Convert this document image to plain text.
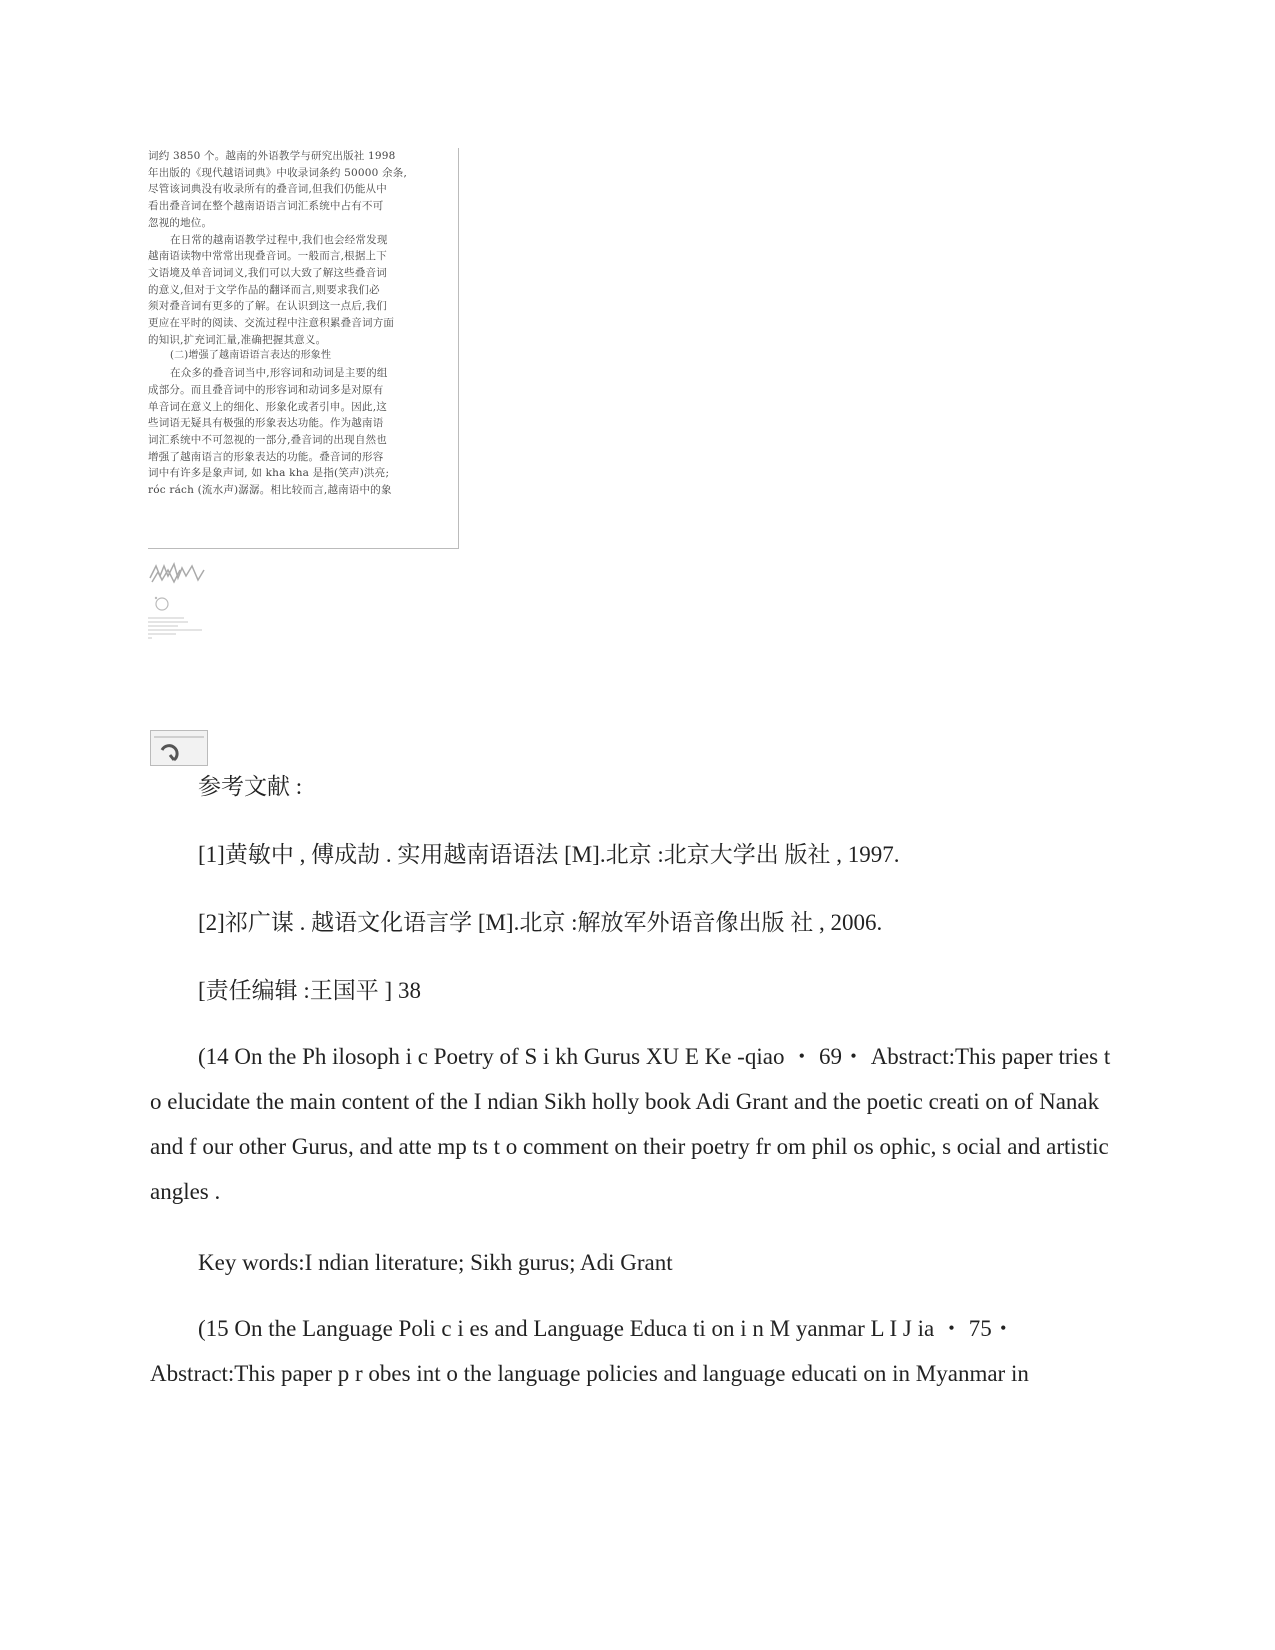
词约 3850 个。越南的外语教学与研究出版社 1998
年出版的《现代越语词典》中收录词条约 50000 余条,
尽管该词典没有收录所有的叠音词,但我们仍能从中
看出叠音词在整个越南语语言词汇系统中占有不可
忽视的地位。
在日常的越南语教学过程中,我们也会经常发现
越南语读物中常常出现叠音词。一般而言,根据上下
文语境及单音词词义,我们可以大致了解这些叠音词
的意义,但对于文学作品的翻译而言,则要求我们必
须对叠音词有更多的了解。在认识到这一点后,我们
更应在平时的阅读、交流过程中注意积累叠音词方面
的知识,扩充词汇量,准确把握其意义。
(二)增强了越南语语言表达的形象性
在众多的叠音词当中,形容词和动词是主要的组
成部分。而且叠音词中的形容词和动词多是对原有
单音词在意义上的细化、形象化或者引申。因此,这
些词语无疑具有极强的形象表达功能。作为越南语
词汇系统中不可忽视的一部分,叠音词的出现自然也
增强了越南语言的形象表达的功能。叠音词的形容
词中有许多是象声词, 如 kha kha 是指(笑声)洪亮;
róc rách (流水声)潺潺。相比较而言,越南语中的象

参考文献 :

[1]黄敏中 , 傅成劼 . 实用越南语语法 [M].北京 :北京大学出 版社 , 1997.

[2]祁广谋 . 越语文化语言学 [M].北京 :解放军外语音像出版 社 , 2006.

[责任编辑 :王国平 ] 38

(14 On the Ph ilosoph i c Poetry of S i kh Gurus XU E Ke -qiao ・ 69・ Abstract:This paper tries t o elucidate the main content of the I ndian Sikh holly book Adi Grant and the poetic creati on of Nanak and f our other Gurus, and atte mp ts t o comment on their poetry fr om phil os ophic, s ocial and artistic angles .

Key words:I ndian literature; Sikh gurus; Adi Grant

(15 On the Language Poli c i es and Language Educa ti on i n M yanmar L I J ia ・ 75・ Abstract:This paper p r obes int o the language policies and language educati on in Myanmar in
